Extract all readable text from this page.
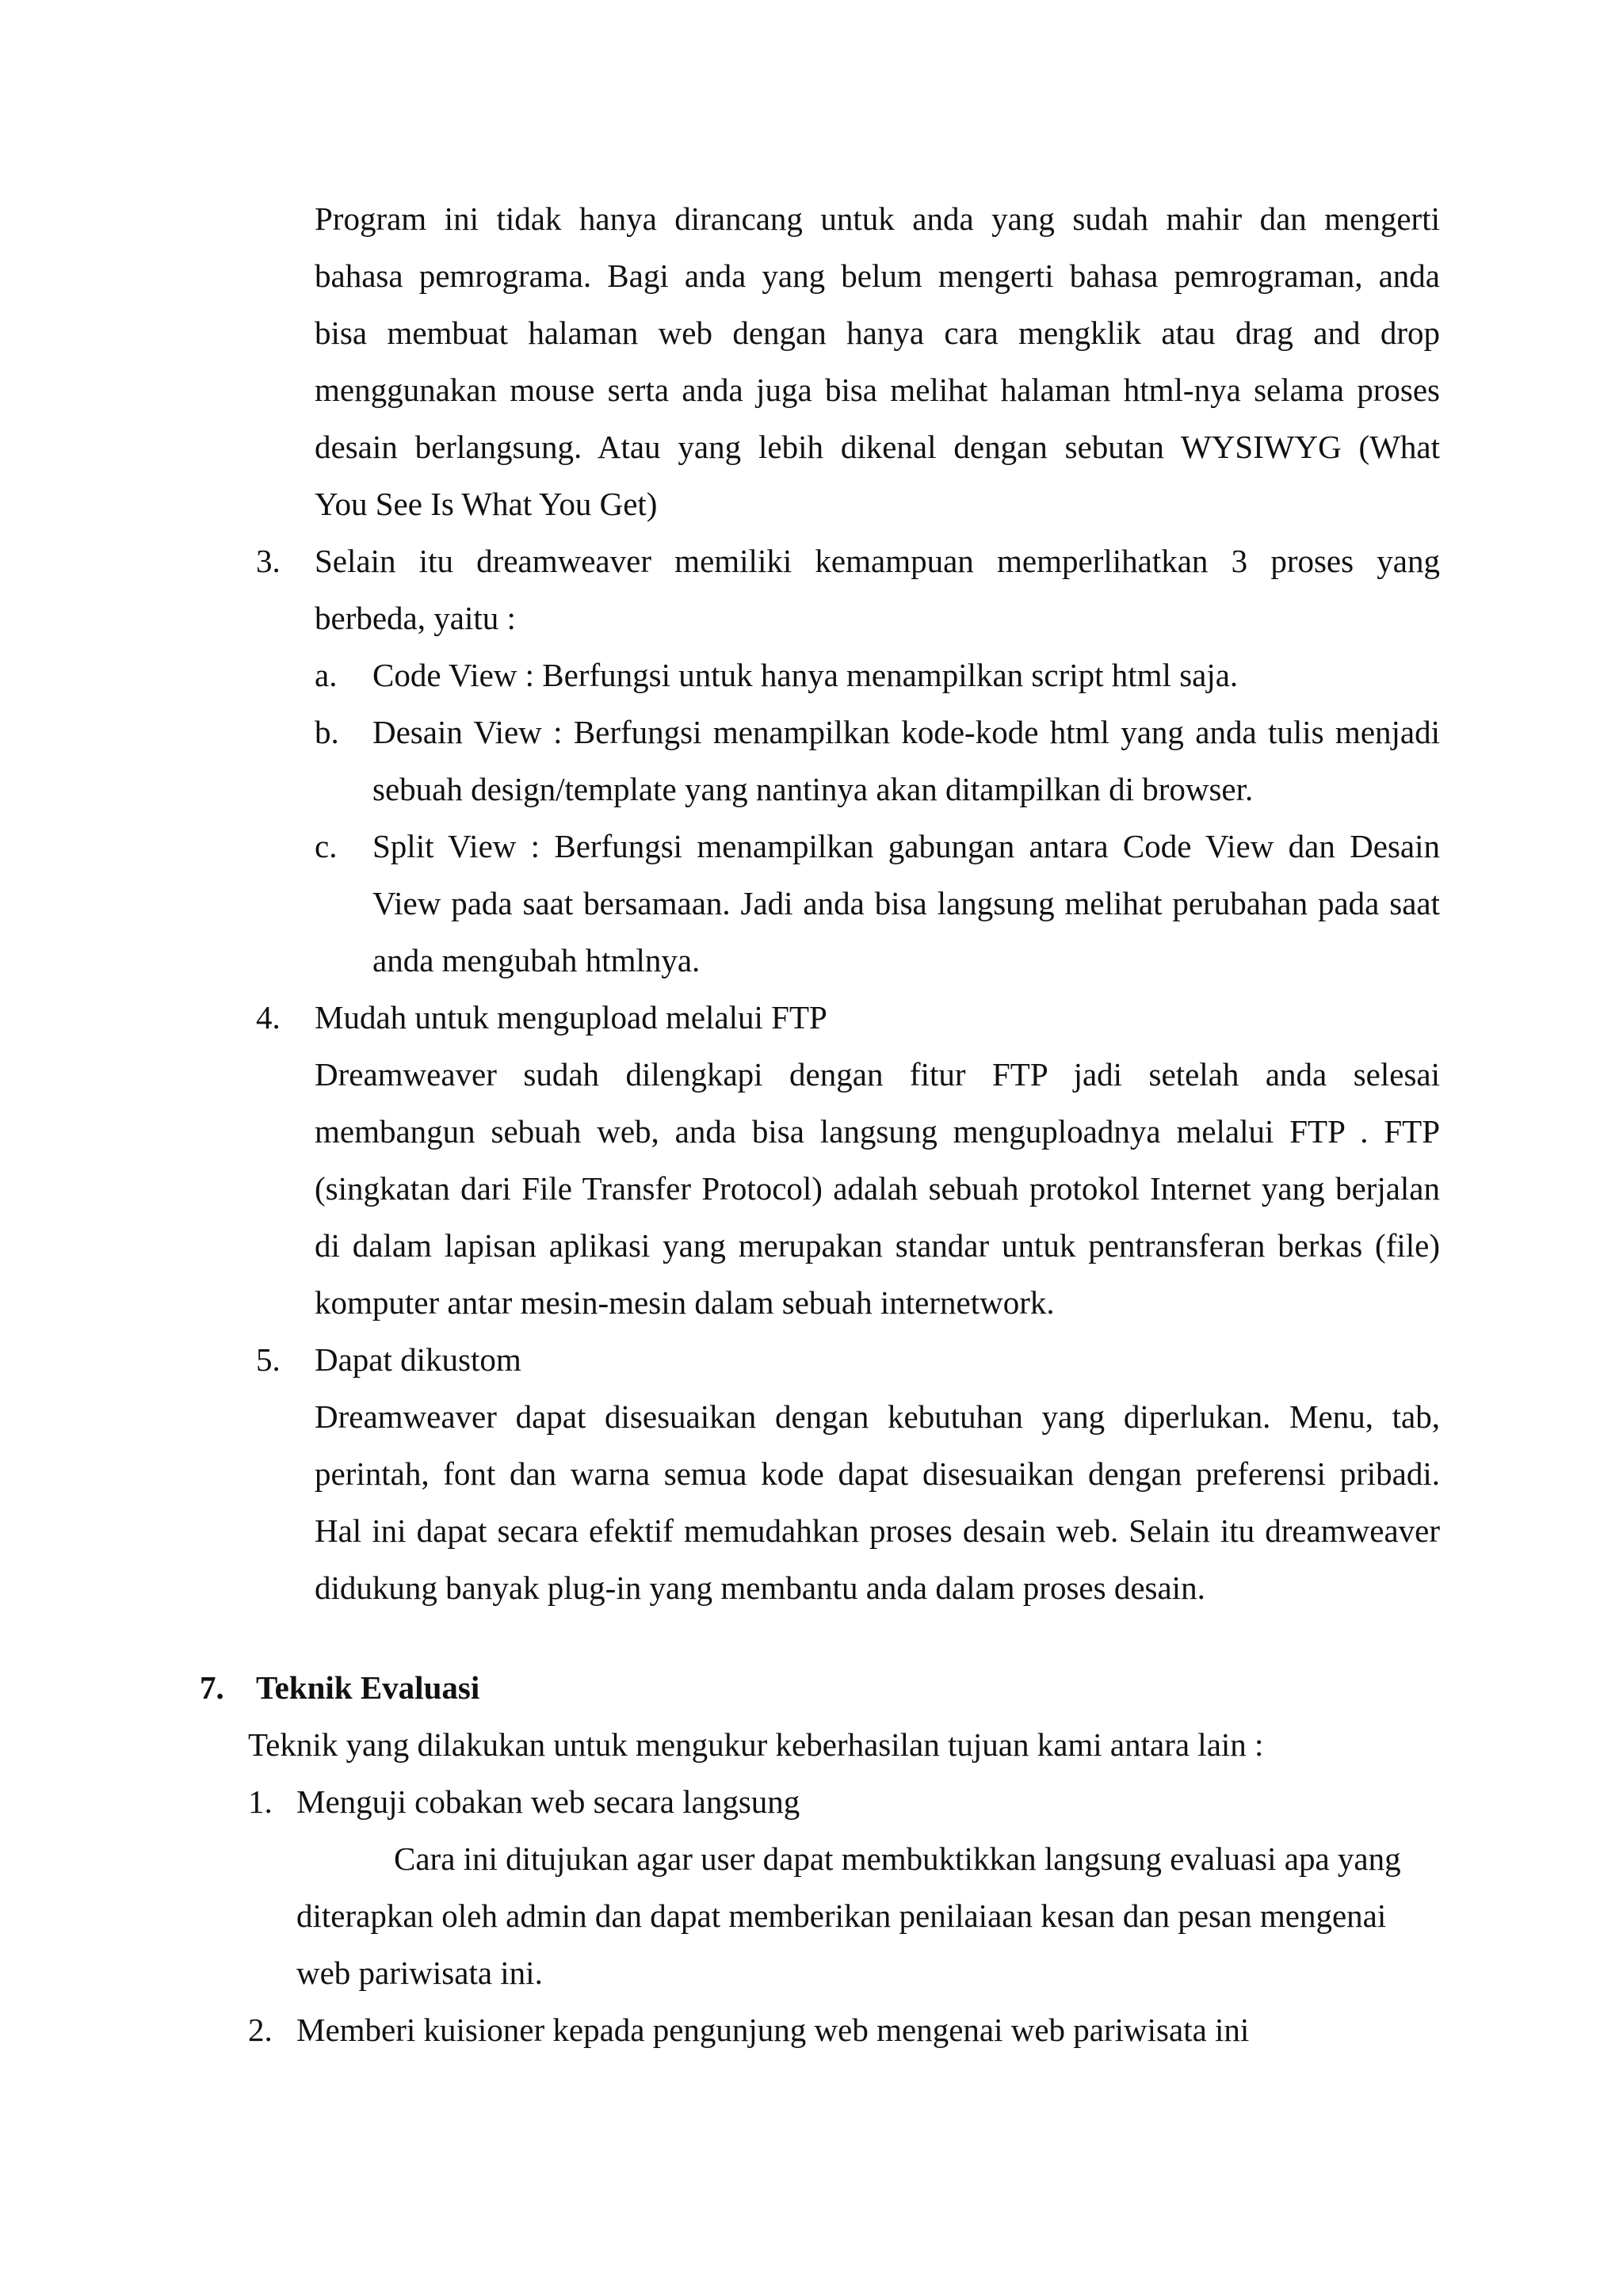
Program ini tidak hanya dirancang untuk anda yang sudah mahir dan mengerti
bahasa pemrograma. Bagi anda yang belum mengerti bahasa pemrograman, anda
bisa membuat halaman web dengan hanya cara mengklik atau drag and drop
menggunakan mouse serta anda juga bisa melihat halaman html-nya selama proses
desain berlangsung. Atau yang lebih dikenal dengan sebutan WYSIWYG (What
You See Is What You Get)
3. Selain itu dreamweaver memiliki kemampuan memperlihatkan 3 proses yang
berbeda, yaitu :
a. Code View : Berfungsi untuk hanya menampilkan script html saja.
b. Desain View : Berfungsi menampilkan kode-kode html yang anda tulis menjadi
sebuah design/template yang nantinya akan ditampilkan di browser.
c. Split View : Berfungsi menampilkan gabungan antara Code View dan Desain
View pada saat bersamaan. Jadi anda bisa langsung melihat perubahan pada saat
anda mengubah htmlnya.
4. Mudah untuk mengupload melalui FTP
Dreamweaver sudah dilengkapi dengan fitur FTP jadi setelah anda selesai
membangun sebuah web, anda bisa langsung menguploadnya melalui FTP . FTP
(singkatan dari File Transfer Protocol) adalah sebuah protokol Internet yang berjalan
di dalam lapisan aplikasi yang merupakan standar untuk pentransferan berkas (file)
komputer antar mesin-mesin dalam sebuah internetwork.
5. Dapat dikustom
Dreamweaver dapat disesuaikan dengan kebutuhan yang diperlukan. Menu, tab,
perintah, font dan warna semua kode dapat disesuaikan dengan preferensi pribadi.
Hal ini dapat secara efektif memudahkan proses desain web. Selain itu dreamweaver
didukung banyak plug-in yang membantu anda dalam proses desain.
7. Teknik Evaluasi
Teknik yang dilakukan untuk mengukur keberhasilan tujuan kami antara lain :
1. Menguji cobakan web secara langsung
Cara ini ditujukan agar user dapat membuktikkan langsung evaluasi apa yang
diterapkan oleh admin dan dapat memberikan penilaiaan kesan dan pesan mengenai
web pariwisata ini.
2. Memberi kuisioner kepada pengunjung web mengenai web pariwisata ini
